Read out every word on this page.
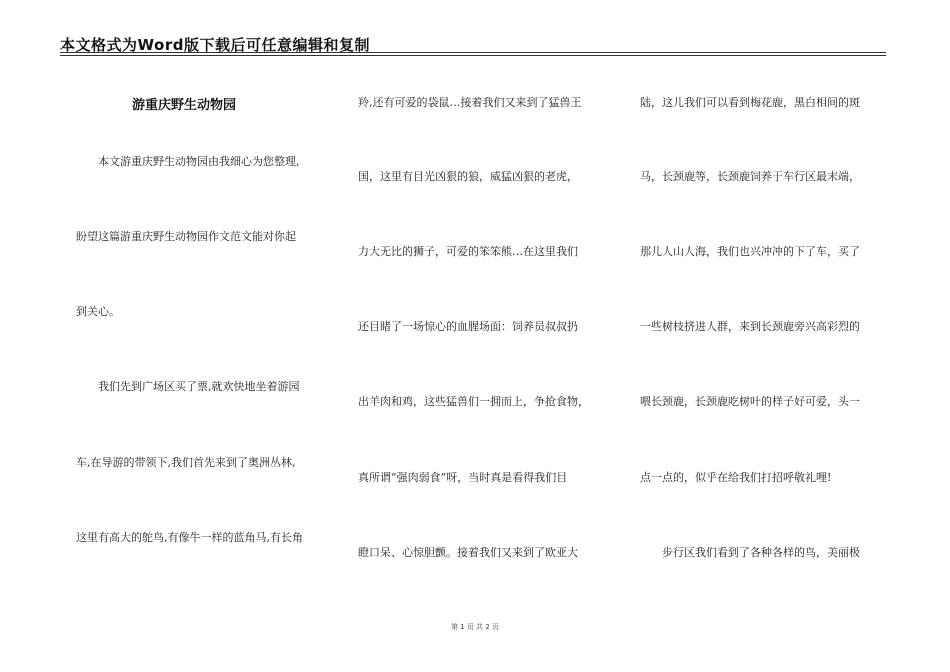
本文格式为Word版下载后可任意编辑和复制
游重庆野生动物园
本文游重庆野生动物园由我细心为您整理,
盼望这篇游重庆野生动物园作文范文能对你起
到关心。
我们先到广场区买了票,就欢快地坐着游园
车,在导游的带领下,我们首先来到了奥洲丛林,
这里有高大的鸵鸟,有像牛一样的蓝角马,有长角
羚,还有可爱的袋鼠…接着我们又来到了猛兽王
国，这里有目光凶狠的狼，威猛凶狠的老虎，
力大无比的狮子，可爱的笨笨熊…在这里我们
还目睹了一场惊心的血腥场面：饲养员叔叔扔
出羊肉和鸡，这些猛兽们一拥而上，争抢食物，
真所谓“强肉弱食”呀，当时真是看得我们目
瞪口呆、心惊胆颤。接着我们又来到了欧亚大
陆，这儿我们可以看到梅花鹿，黑白相间的斑
马，长颈鹿等，长颈鹿饲养于车行区最末端，
那儿人山人海，我们也兴冲冲的下了车，买了
一些树枝挤进人群，来到长颈鹿旁兴高彩烈的
喂长颈鹿，长颈鹿吃树叶的样子好可爱，头一
点一点的，似乎在给我们打招呼敬礼哩!
步行区我们看到了各种各样的鸟，美丽极
第 1 页 共 2 页
